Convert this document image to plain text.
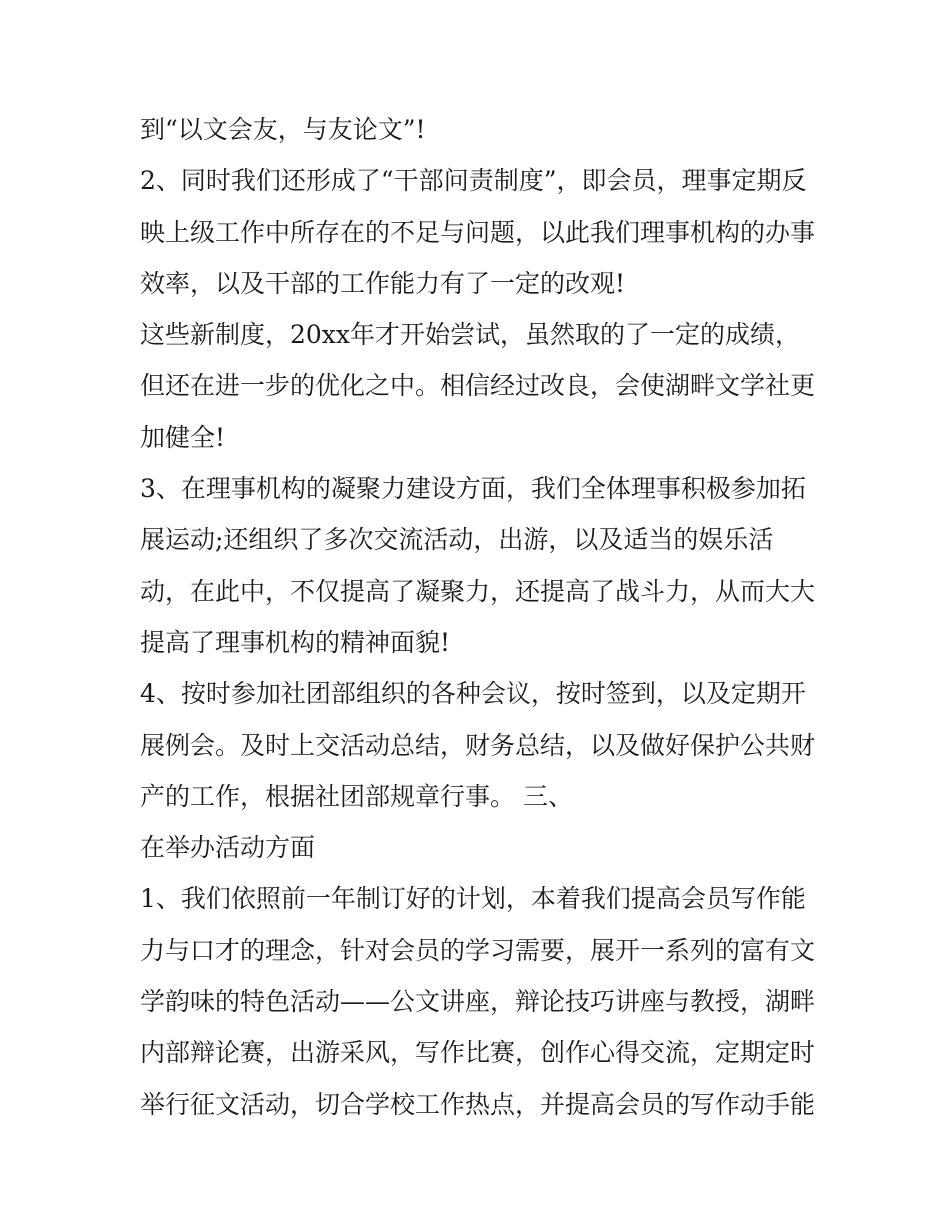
到“以文会友，与友论文”!
2、同时我们还形成了“干部问责制度”，即会员，理事定期反
映上级工作中所存在的不足与问题，以此我们理事机构的办事
效率，以及干部的工作能力有了一定的改观!
这些新制度，20xx年才开始尝试，虽然取的了一定的成绩，
但还在进一步的优化之中。相信经过改良，会使湖畔文学社更
加健全!
3、在理事机构的凝聚力建设方面，我们全体理事积极参加拓
展运动;还组织了多次交流活动，出游，以及适当的娱乐活
动，在此中，不仅提高了凝聚力，还提高了战斗力，从而大大
提高了理事机构的精神面貌!
4、按时参加社团部组织的各种会议，按时签到，以及定期开
展例会。及时上交活动总结，财务总结，以及做好保护公共财
产的工作，根据社团部规章行事。 三、
在举办活动方面
1、我们依照前一年制订好的计划，本着我们提高会员写作能
力与口才的理念，针对会员的学习需要，展开一系列的富有文
学韵味的特色活动——公文讲座，辩论技巧讲座与教授，湖畔
内部辩论赛，出游采风，写作比赛，创作心得交流，定期定时
举行征文活动，切合学校工作热点，并提高会员的写作动手能
